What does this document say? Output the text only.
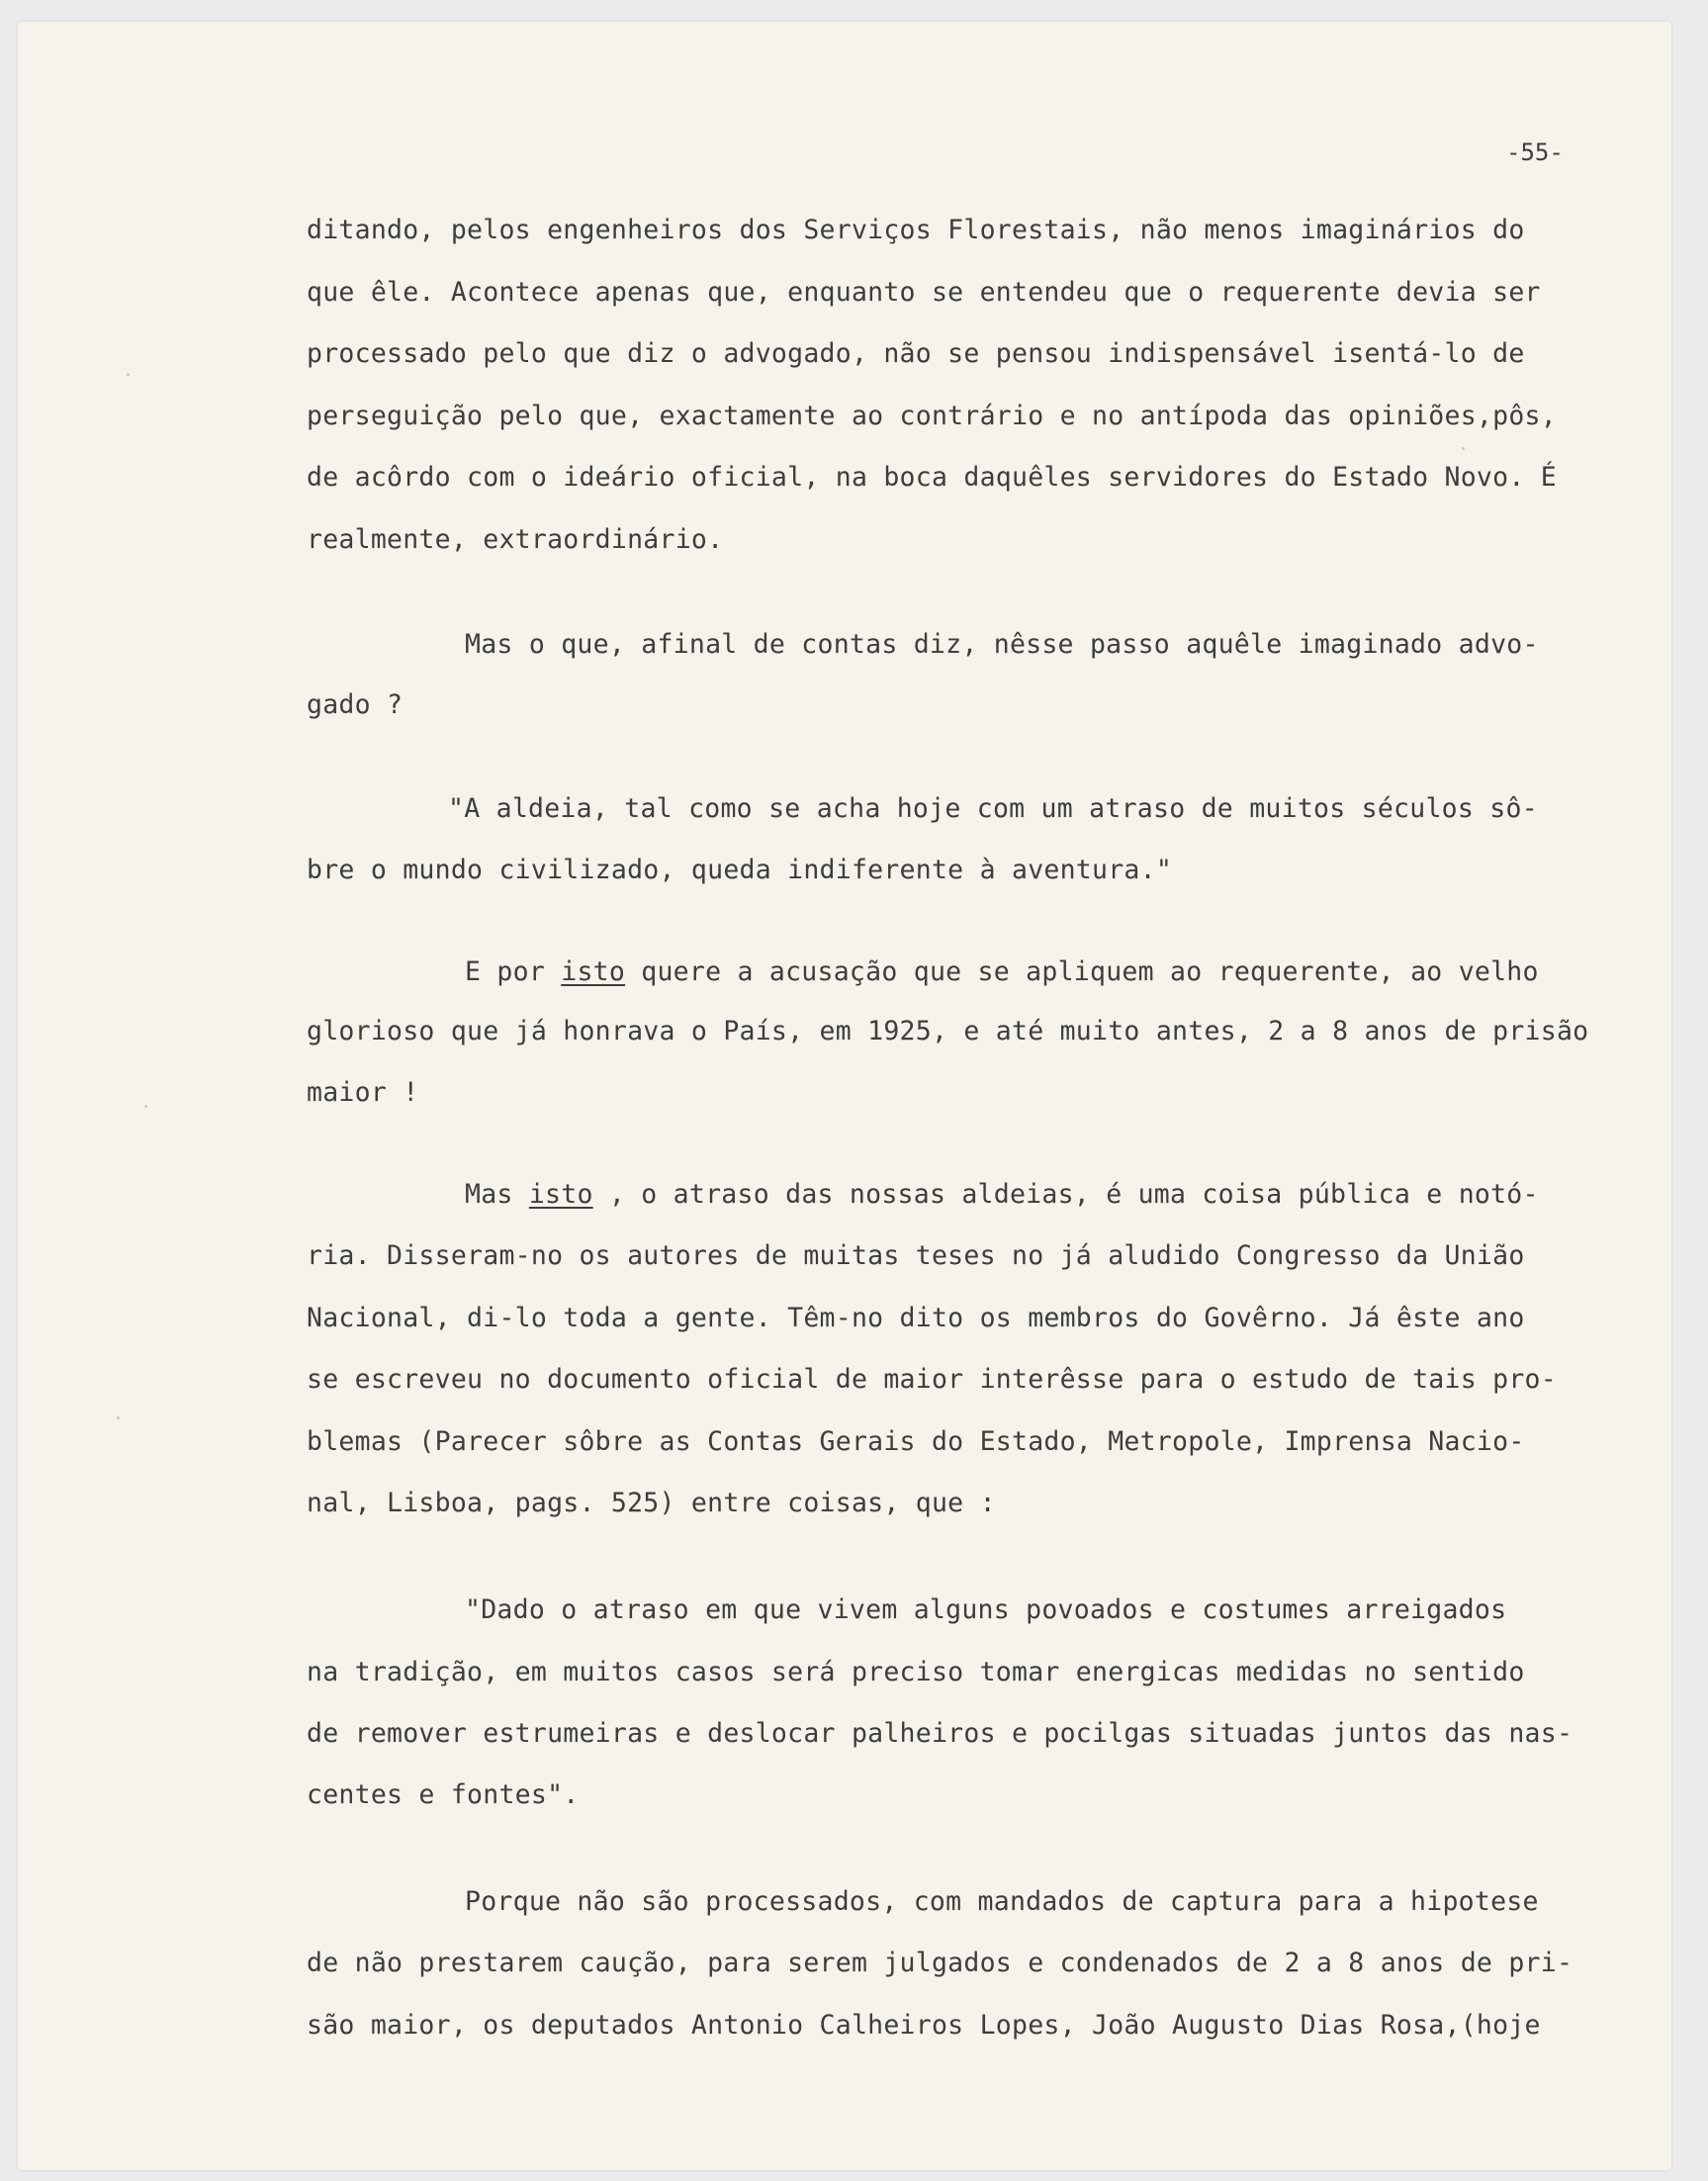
-55-
ditando, pelos engenheiros dos Serviços Florestais, não menos imaginários do
que êle. Acontece apenas que, enquanto se entendeu que o requerente devia ser
processado pelo que diz o advogado, não se pensou indispensável isentá-lo de
perseguição pelo que, exactamente ao contrário e no antípoda das opiniões,pôs,
de acôrdo com o ideário oficial, na boca daquêles servidores do Estado Novo. É
realmente, extraordinário.
Mas o que, afinal de contas diz, nêsse passo aquêle imaginado advo-
gado ?
"A aldeia, tal como se acha hoje com um atraso de muitos séculos sô-
bre o mundo civilizado, queda indiferente à aventura."
E por isto quere a acusação que se apliquem ao requerente, ao velho
glorioso que já honrava o País, em 1925, e até muito antes, 2 a 8 anos de prisão
maior !
Mas isto , o atraso das nossas aldeias, é uma coisa pública e notó-
ria. Disseram-no os autores de muitas teses no já aludido Congresso da União
Nacional, di-lo toda a gente. Têm-no dito os membros do Govêrno. Já êste ano
se escreveu no documento oficial de maior interêsse para o estudo de tais pro-
blemas (Parecer sôbre as Contas Gerais do Estado, Metropole, Imprensa Nacio-
nal, Lisboa, pags. 525) entre coisas, que :
"Dado o atraso em que vivem alguns povoados e costumes arreigados
na tradição, em muitos casos será preciso tomar energicas medidas no sentido
de remover estrumeiras e deslocar palheiros e pocilgas situadas juntos das nas-
centes e fontes".
Porque não são processados, com mandados de captura para a hipotese
de não prestarem caução, para serem julgados e condenados de 2 a 8 anos de pri-
são maior, os deputados Antonio Calheiros Lopes, João Augusto Dias Rosa,(hoje
